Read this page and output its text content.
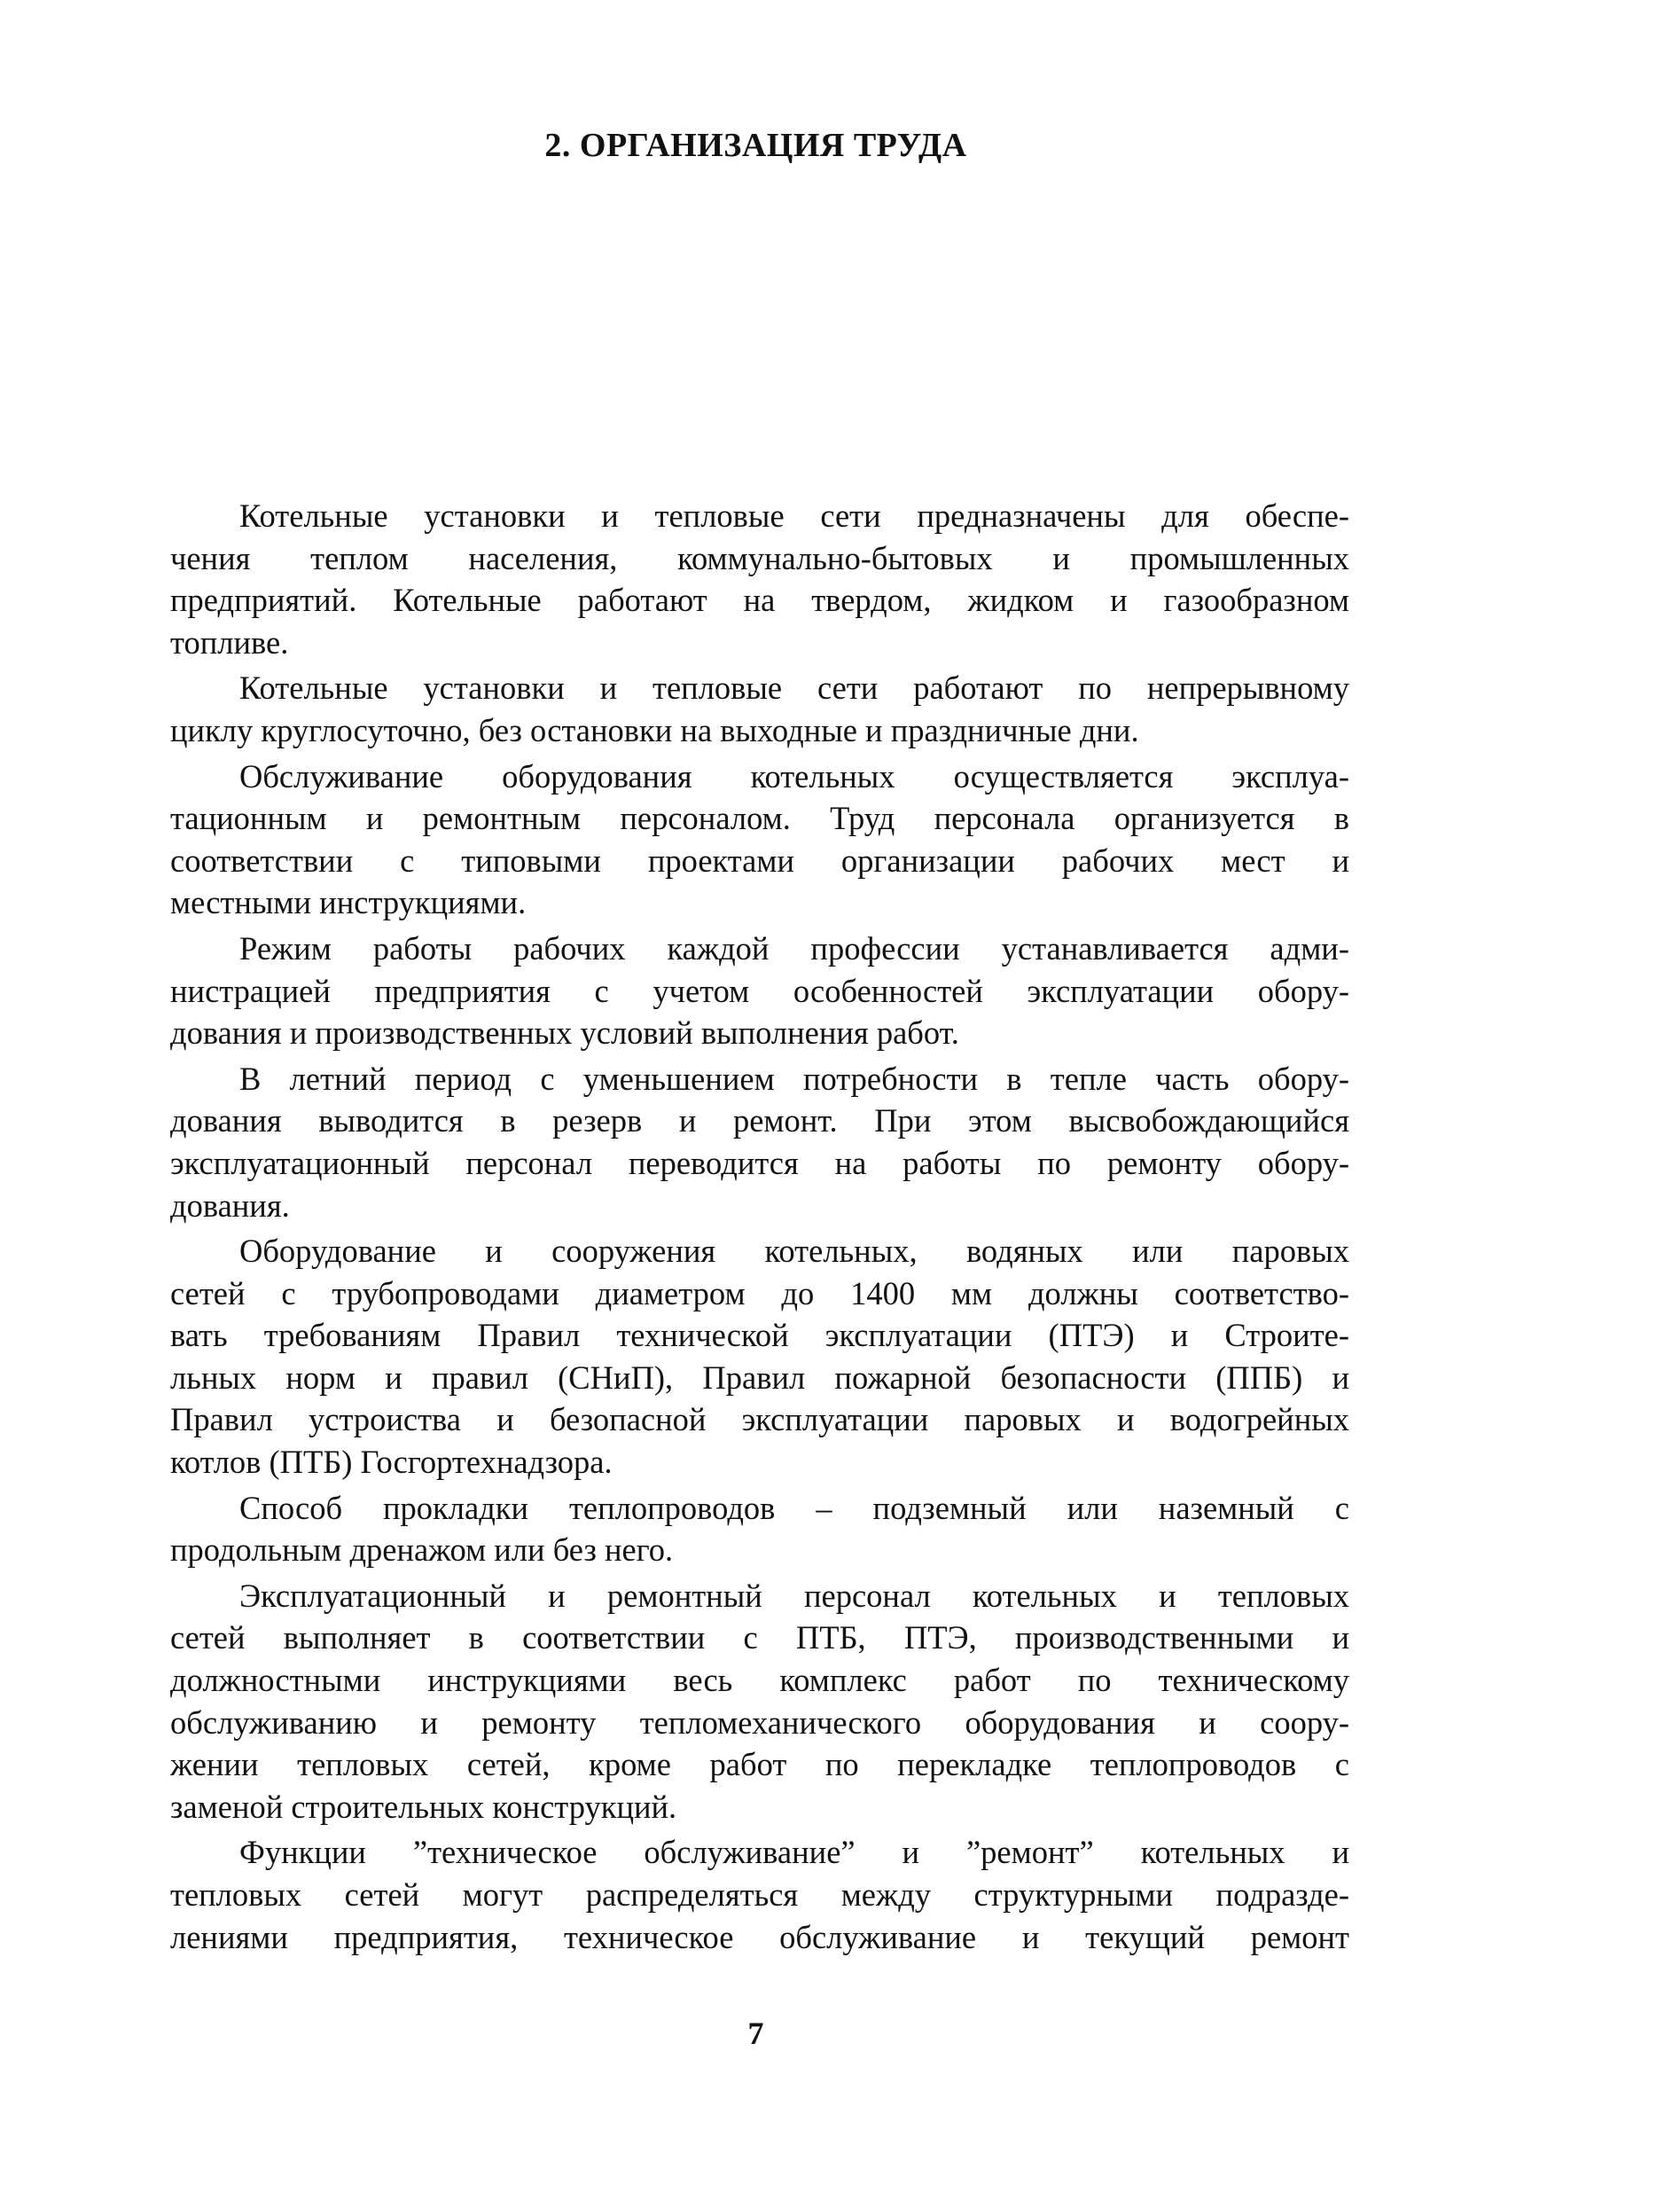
2. ОРГАНИЗАЦИЯ ТРУДА

Котельные установки и тепловые сети предназначены для обеспе-
чения теплом населения, коммунально-бытовых и промышленных
предприятий. Котельные работают на твердом, жидком и газообразном
топливе.

Котельные установки и тепловые сети работают по непрерывному
циклу круглосуточно, без остановки на выходные и праздничные дни.

Обслуживание оборудования котельных осуществляется эксплуа-
тационным и ремонтным персоналом. Труд персонала организуется в
соответствии с типовыми проектами организации рабочих мест и
местными инструкциями.

Режим работы рабочих каждой профессии устанавливается адми-
нистрацией предприятия с учетом особенностей эксплуатации обору-
дования и производственных условий выполнения работ.

В летний период с уменьшением потребности в тепле часть обору-
дования выводится в резерв и ремонт. При этом высвобождающийся
эксплуатационный персонал переводится на работы по ремонту обору-
дования.

Оборудование и сооружения котельных, водяных или паровых
сетей с трубопроводами диаметром до 1400 мм должны соответство-
вать требованиям Правил технической эксплуатации (ПТЭ) и Строите-
льных норм и правил (СНиП), Правил пожарной безопасности (ППБ) и
Правил устроиства и безопасной эксплуатации паровых и водогрейных
котлов (ПТБ) Госгортехнадзора.

Способ прокладки теплопроводов – подземный или наземный с
продольным дренажом или без него.

Эксплуатационный и ремонтный персонал котельных и тепловых
сетей выполняет в соответствии с ПТБ, ПТЭ, производственными и
должностными инструкциями весь комплекс работ по техническому
обслуживанию и ремонту тепломеханического оборудования и соору-
жении тепловых сетей, кроме работ по перекладке теплопроводов с
заменой строительных конструкций.

Функции ”техническое обслуживание” и ”ремонт” котельных и
тепловых сетей могут распределяться между структурными подразде-
лениями предприятия, техническое обслуживание и текущий ремонт

7
